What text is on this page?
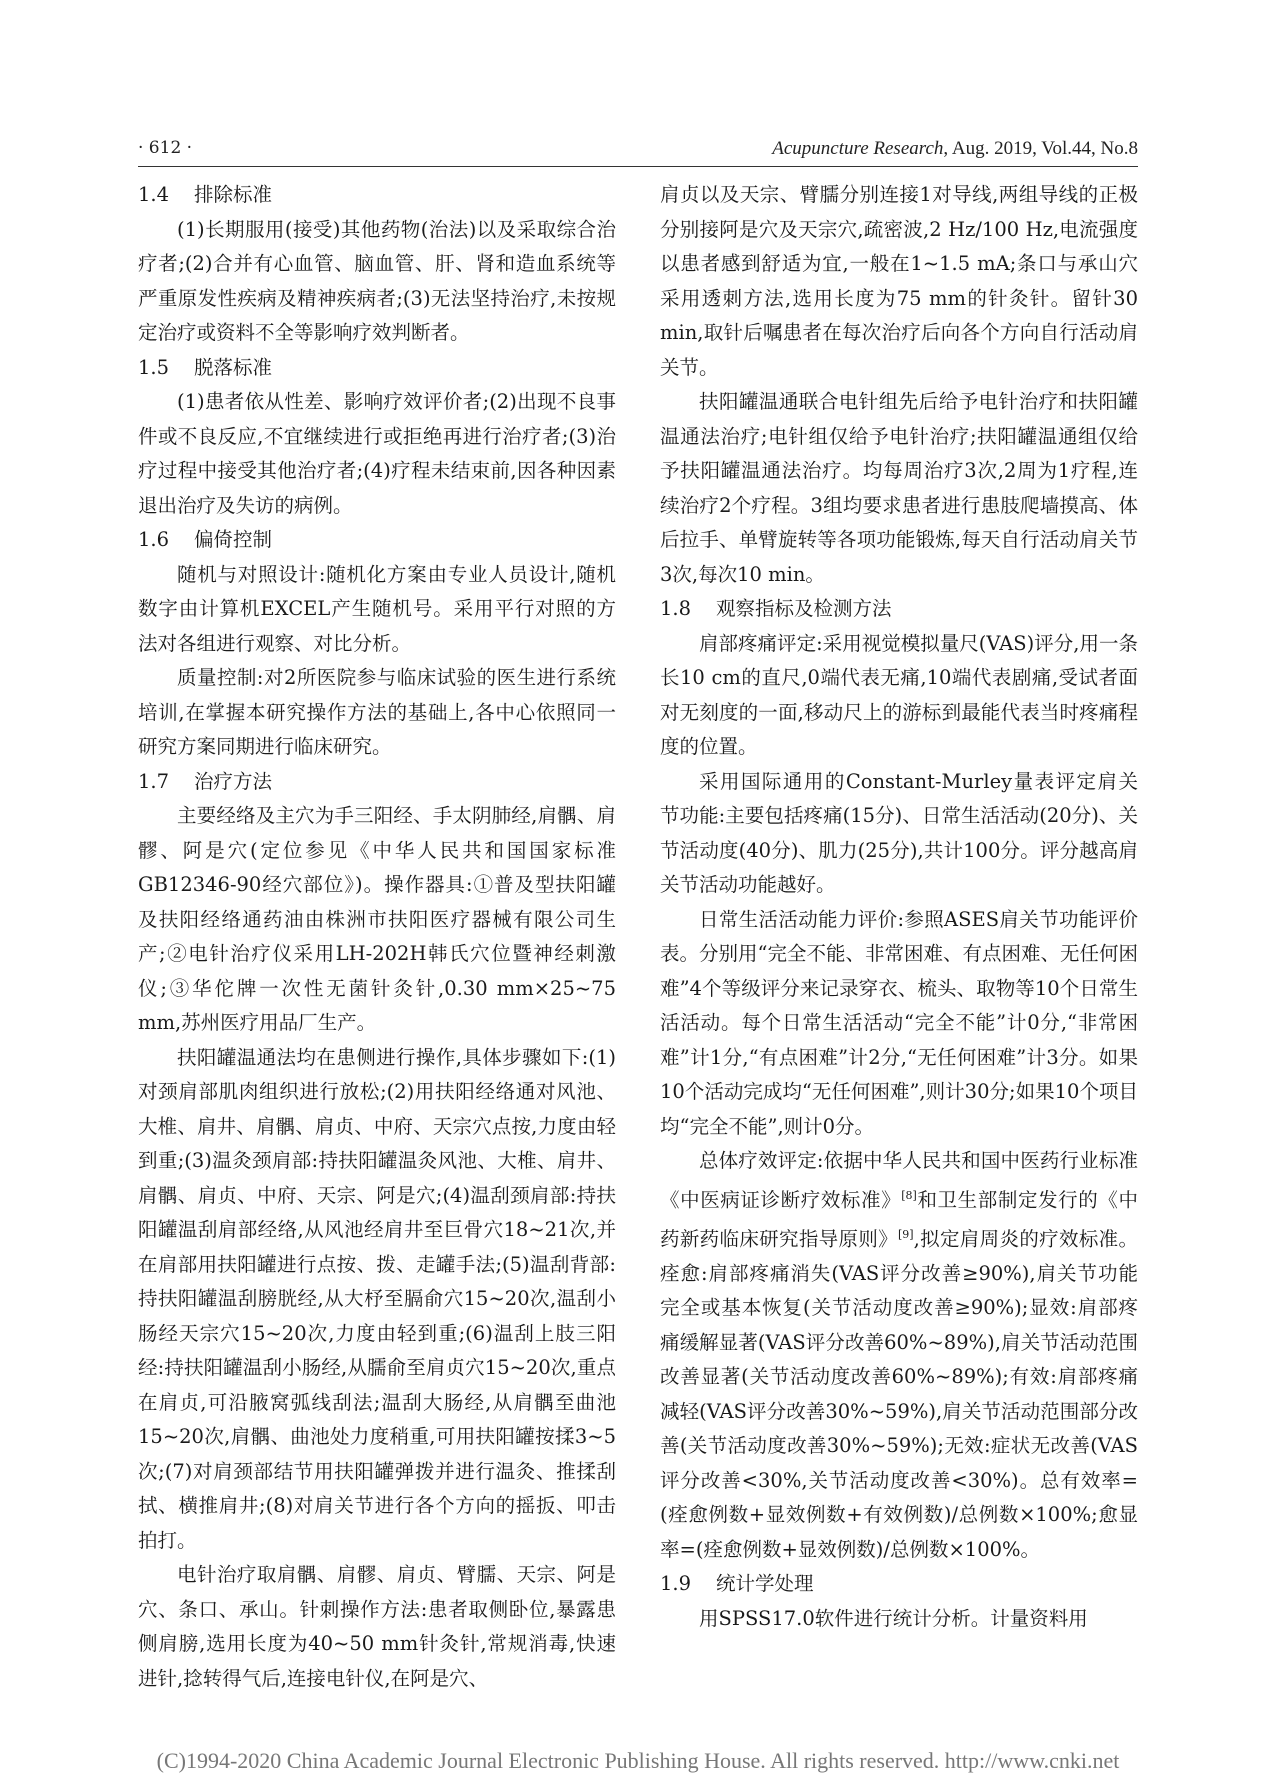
· 612 ·	Acupuncture Research, Aug. 2019, Vol.44, No.8

1.4 排除标准

(1)长期服用(接受)其他药物(治法)以及采取综合治疗者;(2)合并有心血管、脑血管、肝、肾和造血系统等严重原发性疾病及精神疾病者;(3)无法坚持治疗,未按规定治疗或资料不全等影响疗效判断者。

1.5 脱落标准

(1)患者依从性差、影响疗效评价者;(2)出现不良事件或不良反应,不宜继续进行或拒绝再进行治疗者;(3)治疗过程中接受其他治疗者;(4)疗程未结束前,因各种因素退出治疗及失访的病例。

1.6 偏倚控制

随机与对照设计:随机化方案由专业人员设计,随机数字由计算机EXCEL产生随机号。采用平行对照的方法对各组进行观察、对比分析。

质量控制:对2所医院参与临床试验的医生进行系统培训,在掌握本研究操作方法的基础上,各中心依照同一研究方案同期进行临床研究。

1.7 治疗方法

主要经络及主穴为手三阳经、手太阴肺经,肩髃、肩髎、阿是穴(定位参见《中华人民共和国国家标准GB12346-90经穴部位》)。操作器具:①普及型扶阳罐及扶阳经络通药油由株洲市扶阳医疗器械有限公司生产;②电针治疗仪采用LH-202H韩氏穴位暨神经刺激仪;③华佗牌一次性无菌针灸针,0.30 mm×25~75 mm,苏州医疗用品厂生产。

扶阳罐温通法均在患侧进行操作,具体步骤如下:(1)对颈肩部肌肉组织进行放松;(2)用扶阳经络通对风池、大椎、肩井、肩髃、肩贞、中府、天宗穴点按,力度由轻到重;(3)温灸颈肩部:持扶阳罐温灸风池、大椎、肩井、肩髃、肩贞、中府、天宗、阿是穴;(4)温刮颈肩部:持扶阳罐温刮肩部经络,从风池经肩井至巨骨穴18~21次,并在肩部用扶阳罐进行点按、拨、走罐手法;(5)温刮背部:持扶阳罐温刮膀胱经,从大杼至膈俞穴15~20次,温刮小肠经天宗穴15~20次,力度由轻到重;(6)温刮上肢三阳经:持扶阳罐温刮小肠经,从臑俞至肩贞穴15~20次,重点在肩贞,可沿腋窝弧线刮法;温刮大肠经,从肩髃至曲池15~20次,肩髃、曲池处力度稍重,可用扶阳罐按揉3~5次;(7)对肩颈部结节用扶阳罐弹拨并进行温灸、推揉刮拭、横推肩井;(8)对肩关节进行各个方向的摇扳、叩击拍打。

电针治疗取肩髃、肩髎、肩贞、臂臑、天宗、阿是穴、条口、承山。针刺操作方法:患者取侧卧位,暴露患侧肩膀,选用长度为40~50 mm针灸针,常规消毒,快速进针,捻转得气后,连接电针仪,在阿是穴、

肩贞以及天宗、臂臑分别连接1对导线,两组导线的正极分别接阿是穴及天宗穴,疏密波,2 Hz/100 Hz,电流强度以患者感到舒适为宜,一般在1~1.5 mA;条口与承山穴采用透刺方法,选用长度为75 mm的针灸针。留针30 min,取针后嘱患者在每次治疗后向各个方向自行活动肩关节。

扶阳罐温通联合电针组先后给予电针治疗和扶阳罐温通法治疗;电针组仅给予电针治疗;扶阳罐温通组仅给予扶阳罐温通法治疗。均每周治疗3次,2周为1疗程,连续治疗2个疗程。3组均要求患者进行患肢爬墙摸高、体后拉手、单臂旋转等各项功能锻炼,每天自行活动肩关节3次,每次10 min。

1.8 观察指标及检测方法

肩部疼痛评定:采用视觉模拟量尺(VAS)评分,用一条长10 cm的直尺,0端代表无痛,10端代表剧痛,受试者面对无刻度的一面,移动尺上的游标到最能代表当时疼痛程度的位置。

采用国际通用的Constant-Murley量表评定肩关节功能:主要包括疼痛(15分)、日常生活活动(20分)、关节活动度(40分)、肌力(25分),共计100分。评分越高肩关节活动功能越好。

日常生活活动能力评价:参照ASES肩关节功能评价表。分别用“完全不能、非常困难、有点困难、无任何困难”4个等级评分来记录穿衣、梳头、取物等10个日常生活活动。每个日常生活活动“完全不能”计0分,“非常困难”计1分,“有点困难”计2分,“无任何困难”计3分。如果10个活动完成均“无任何困难”,则计30分;如果10个项目均“完全不能”,则计0分。

总体疗效评定:依据中华人民共和国中医药行业标准《中医病证诊断疗效标准》[8]和卫生部制定发行的《中药新药临床研究指导原则》[9],拟定肩周炎的疗效标准。痊愈:肩部疼痛消失(VAS评分改善≥90%),肩关节功能完全或基本恢复(关节活动度改善≥90%);显效:肩部疼痛缓解显著(VAS评分改善60%~89%),肩关节活动范围改善显著(关节活动度改善60%~89%);有效:肩部疼痛减轻(VAS评分改善30%~59%),肩关节活动范围部分改善(关节活动度改善30%~59%);无效:症状无改善(VAS评分改善<30%,关节活动度改善<30%)。总有效率=(痊愈例数+显效例数+有效例数)/总例数×100%;愈显率=(痊愈例数+显效例数)/总例数×100%。

1.9 统计学处理

用SPSS17.0软件进行统计分析。计量资料用

(C)1994-2020 China Academic Journal Electronic Publishing House. All rights reserved. http://www.cnki.net
